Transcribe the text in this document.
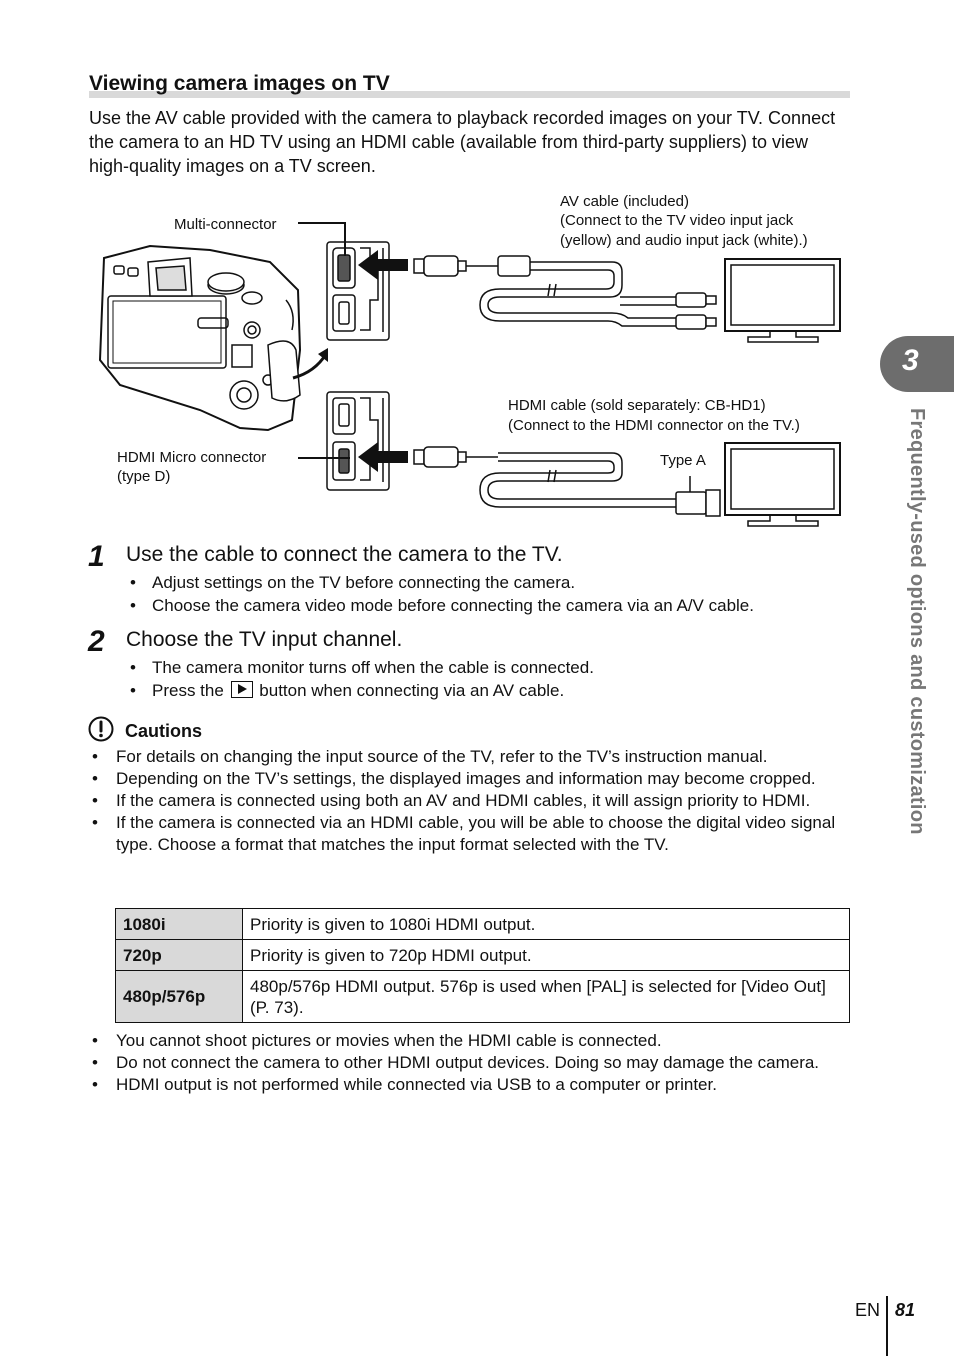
Viewing camera images on TV

Use the AV cable provided with the camera to playback recorded images on your TV. Connect the camera to an HD TV using an HDMI cable (available from third-party suppliers) to view high-quality images on a TV screen.

Multi-connector
AV cable (included)
(Connect to the TV video input jack
(yellow) and audio input jack (white).)
HDMI cable (sold separately: CB-HD1)
(Connect to the HDMI connector on the TV.)
HDMI Micro connector
(type D)
Type A
1 Use the cable to connect the camera to the TV.
• Adjust settings on the TV before connecting the camera.
• Choose the camera video mode before connecting the camera via an A/V cable.
2 Choose the TV input channel.
• The camera monitor turns off when the cable is connected.
• Press the button when connecting via an AV cable.
Cautions
• For details on changing the input source of the TV, refer to the TV’s instruction manual.
• Depending on the TV’s settings, the displayed images and information may become cropped.
• If the camera is connected using both an AV and HDMI cables, it will assign priority to HDMI.
• If the camera is connected via an HDMI cable, you will be able to choose the digital video signal type. Choose a format that matches the input format selected with the TV.
1080i	Priority is given to 1080i HDMI output.
720p	Priority is given to 720p HDMI output.
480p/576p	480p/576p HDMI output. 576p is used when [PAL] is selected for [Video Out] (P. 73).
• You cannot shoot pictures or movies when the HDMI cable is connected.
• Do not connect the camera to other HDMI output devices. Doing so may damage the camera.
• HDMI output is not performed while connected via USB to a computer or printer.
3
Frequently-used options and customization
EN 81
